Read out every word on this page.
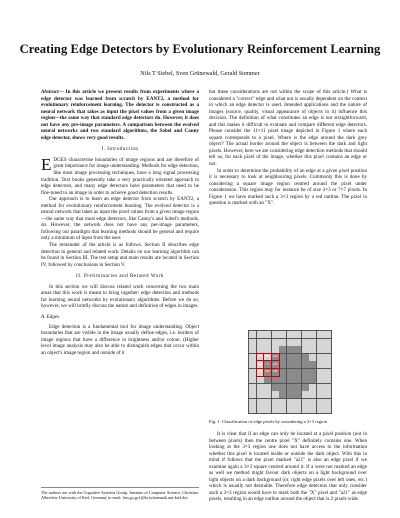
Creating Edge Detectors by Evolutionary Reinforcement Learning
Nils T Siebel, Sven Grünewald, Gerald Sommer

Abstract— In this article we present results from experiments where a edge detector was learned from scratch by EANT2, a method for evolutionary reinforcement learning. The detector is constructed as a neural network that takes as input the pixel values from a given image region—the same way that standard edge detectors do. However, it does not have any pre-image parameters. A comparison between the evolved neural networks and two standard algorithms, the Sobel and Canny edge detector, shows very good results.

I. Introduction

EDGES characterise boundaries of image regions and are therefore of great importance for image understanding. Methods for edge detection, like most image processing techniques, have a long signal processing tradition. Text books generally take a very practically oriented approach to edge detectors, and many edge detectors have parameters that need to be fine-tuned to an image in order to achieve good detection results.

Our approach is to learn an edge detector from scratch by EANT2, a method for evolutionary reinforcement learning. The evolved detector is a neural network that takes as input the pixel values from a given image region—the same way that most edge detectors, like Canny's and Sobel's methods, do. However, the network does not have any per-image parameters, following our paradigm that learning methods should be general and require only a minimum of input from the user.

The remainder of the article is as follows. Section II describes edge detection in general and related work. Details on our learning algorithm can be found in Section III. The test setup and main results are located in Section IV, followed by conclusions in Section V.

II. Preliminaries and Related Work

In this section we will discuss related work concerning the two main areas that this work is meant to bring together: edge detection and methods for learning neural networks by evolutionary algorithms. Before we do so, however, we will briefly discuss the nature and definition of edges in images.

A. Edges

Edge detection is a fundamental tool for image understanding. Object boundaries that are visible in the image usually define edges, i.e. borders of image regions that have a difference in brightness and/or colour. (Higher level image analysis may also be able to distinguish edges that occur within an object's image region and outside of it

The authors are with the Cognitive Systems Group, Institute of Computer Science, Christian-Albrechts-University of Kiel, Germany (e-mail: {nts,gs,gs}@ks.informatik.uni-kiel.de).

but these considerations are not within the scope of this article.) What is considered a "correct" edge and what not is usually dependent on the context in which an edge detector is used. Intended applications and the nature of images (source, quality, visual appearance of objects in it) influence this decision. The definition of what constitutes an edge is not straightforward, and this makes it difficult to evaluate and compare different edge detectors. Please consider the 11×11 pixel image depicted in Figure 1 where each square corresponds to a pixel. Where is the edge around the dark grey object? The actual border around the object is between the dark and light pixels. However, here we are considering edge detection methods that should tell us, for each pixel of the image, whether this pixel contains an edge or not.

In order to determine the probability of an edge at a given pixel position it is necessary to look at neighbouring pixels. Commonly this is done by considering a square image region centred around the pixel under consideration. This region may for instance be of size 3×3 or 7×7 pixels. In Figure 1 we have marked such a 3×3 region by a red outline. The pixel in question is marked with an "X".

a11	a12	a13
a21	X	a23
a31	a32	a33
Fig. 1. Classification of edge pixels by considering a 3×3 region

It is clear that if an edge can only be located at a pixel position (not in between pixels) then the centre pixel "X" definitely contains one. When looking at the 3×3 region one does not have access to the information whether this pixel is located inside or outside the dark object. With this in mind if follows that the pixel marked "a21" is also an edge pixel if we examine again a 3×3 square centred around it. If a were not marked an edge as well we method might favour dark objects on a light background over light objects on a dark background (or, right edge pixels over left ones, etc.) which is usually not desirable. Therefore edge detectors that only consider such a 3×3 region would have to mark both the "X" pixel and "a21" as edge pixels, resulting in an edge outline around the object that is 2 pixels wide.
